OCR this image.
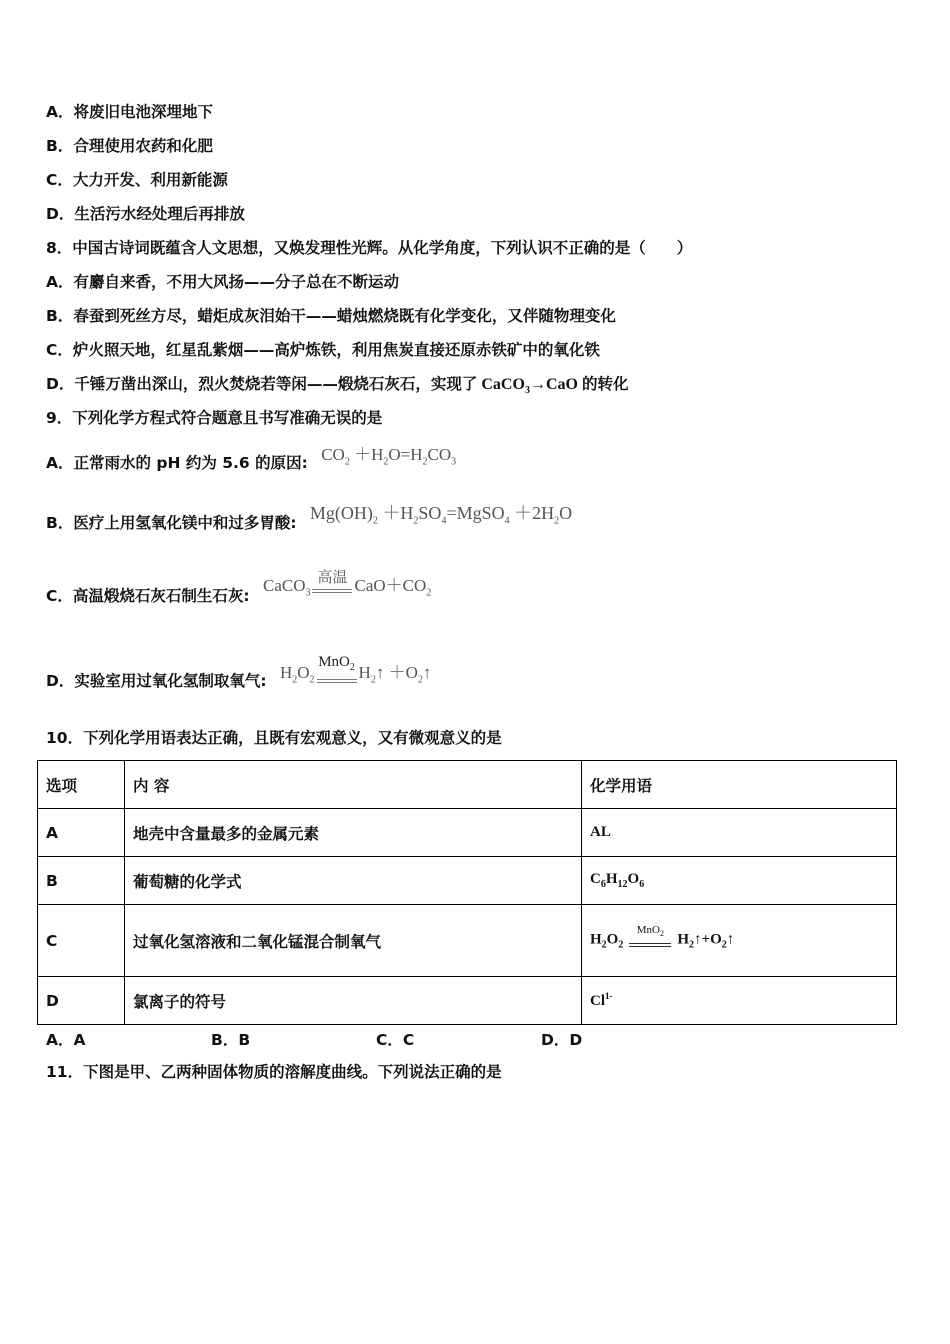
A．将废旧电池深埋地下
B．合理使用农药和化肥
C．大力开发、利用新能源
D．生活污水经处理后再排放
8．中国古诗词既蕴含人文思想，又焕发理性光辉。从化学角度，下列认识不正确的是（　　）
A．有麝自来香，不用大风扬——分子总在不断运动
B．春蚕到死丝方尽，蜡炬成灰泪始干——蜡烛燃烧既有化学变化，又伴随物理变化
C．炉火照天地，红星乱紫烟——高炉炼铁，利用焦炭直接还原赤铁矿中的氧化铁
D．千锤万凿出深山，烈火焚烧若等闲——煅烧石灰石，实现了 CaCO$_3$→CaO 的转化
9．下列化学方程式符合题意且书写准确无误的是
A．正常雨水的 pH 约为 5.6 的原因: $CO_2 +H_2O=H_2CO_3$
B．医疗上用氢氧化镁中和过多胃酸: $Mg(OH)_2$ $+H_2SO_4=MgSO_4 +2H_2O$
C．高温煅烧石灰石制生石灰: CaCO$_3$
高温 $CaO+CO_2$
D．实验室用过氧化氢制取氧气: $H_2O_2$
MnO$_2$ $H_2↑$ $+O_2↑$
10．下列化学用语表达正确，且既有宏观意义，又有微观意义的是
选项	内 容	化学用语
A	地壳中含量最多的金属元素	AL
B	葡萄糖的化学式	$C_6H_{12}O_6$
C	过氧化氢溶液和二氧化锰混合制氧气	$H_2O_2$
MnO$_2$ $H_2↑+O_2↑$
D	氯离子的符号	$Cl^{1-}$
A．A	B．B	C．C	D．D
11．下图是甲、乙两种固体物质的溶解度曲线。下列说法正确的是
